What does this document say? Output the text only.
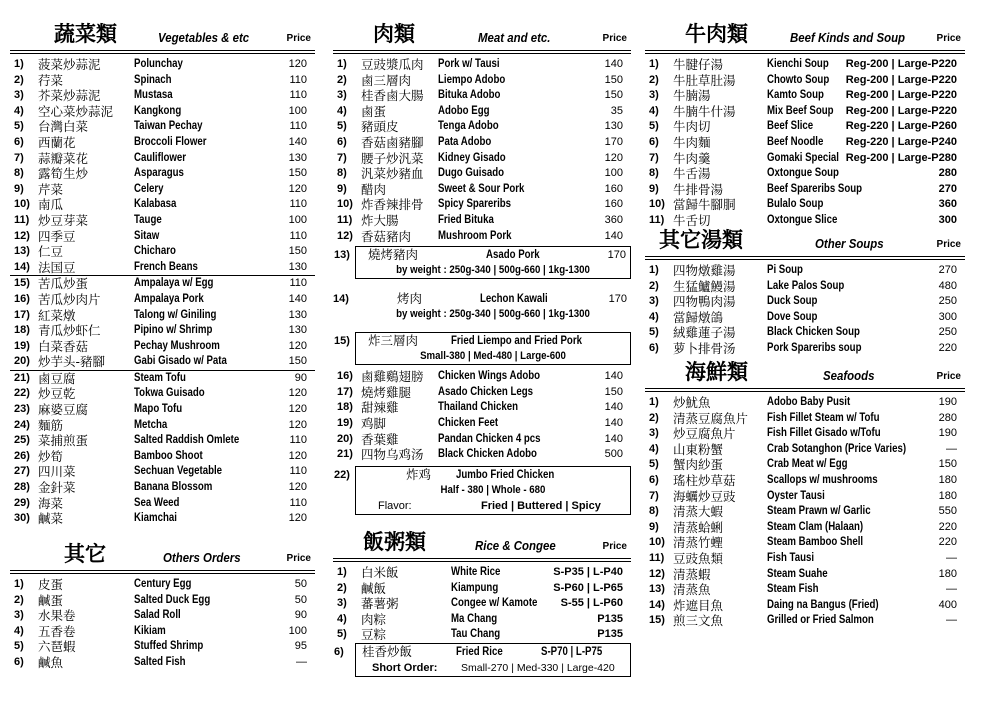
蔬菜類	Vegetables & etc	Price
1) 菠菜炒蒜泥	Polunchay	120
2) 荇菜	Spinach	110
3) 芥菜炒蒜泥	Mustasa	110
4) 空心菜炒蒜泥 Kangkong	100
5) 台灣白菜	Taiwan Pechay	110
6) 西蘭花	Broccoli Flower	140
7) 蒜瓣菜花	Cauliflower	130
8) 露筍生炒	Asparagus	150
9) 芹菜	Celery	120
10) 南瓜	Kalabasa	110
11) 炒豆芽菜	Tauge	100
12) 四季豆	Sitaw	110
13) 仁豆	Chicharo	150
14) 法国豆	French Beans	130
15) 苦瓜炒蛋	Ampalaya w/ Egg	110
16) 苦瓜炒肉片	Ampalaya Pork	140
17) 紅菜燉	Talong w/ Giniling	130
18) 青瓜炒虾仁	Pipino w/ Shrimp	130
19) 白菜香菇	Pechay Mushroom	120
20) 炒芋头-豬腳	Gabi Gisado w/ Pata	150
21) 鹵豆腐	Steam Tofu	90
22) 炒豆乾	Tokwa Guisado	120
23) 麻婆豆腐	Mapo Tofu	120
24) 麵筋	Metcha	120
25) 菜捕煎蛋	Salted Raddish Omlete	110
26) 炒筍	Bamboo Shoot	120
27) 四川菜	Sechuan Vegetable	110
28) 金針菜	Banana Blossom	120
29) 海菜	Sea Weed	110
30) 鹹菜	Kiamchai	120
其它	Others Orders	Price
1) 皮蛋	Century Egg	50
2) 鹹蛋	Salted Duck Egg	50
3) 水果卷	Salad Roll	90
4) 五香卷	Kikiam	100
5) 六琶蝦	Stuffed Shrimp	95
6) 鹹魚	Salted Fish	—
肉類	Meat and etc.	Price
1) 豆豉漿瓜肉 Pork w/ Tausi	140
2) 鹵三層肉 Liempo Adobo	150
3) 桂香鹵大腸 Bituka Adobo	150
4) 鹵蛋	Adobo Egg	35
5) 豬頭皮	Tenga Adobo	130
6) 香菇鹵豬腳 Pata Adobo	170
7) 腰子炒汎菜 Kidney Gisado	120
8) 汎菜炒豬血 Dugo Guisado	100
9) 醋肉	Sweet & Sour Pork	160
10) 炸香辣排骨 Spicy Spareribs	160
11) 炸大腸	Fried Bituka	360
12) 香菇豬肉 Mushroom Pork	140
13) 燒烤豬肉	Asado Pork	170
by weight : 250g-340 | 500g-660 | 1kg-1300
14)	烤肉	Lechon Kawali	170
by weight : 250g-340 | 500g-660 | 1kg-1300
15) 炸三層肉	Fried Liempo and Fried Pork
Small-380 | Med-480 | Large-600
16) 鹵雞鷄翅膀 Chicken Wings Adobo	140
17) 燒烤雞腿 Asado Chicken Legs	150
18) 甜辣雞	Thailand Chicken	140
19) 鸡脚	Chicken Feet	140
20) 香葉雞	Pandan Chicken 4 pcs	140
21) 四物乌鸡汤 Black Chicken Adobo	500
22)	炸鸡 Jumbo Fried Chicken
Half - 380 | Whole - 680
Flavor:	Fried | Buttered | Spicy
飯粥類	Rice & Congee	Price
1) 白米飯	White Rice	S-P35 | L-P40
2) 鹹飯	Kiampung	S-P60 | L-P65
3) 蕃薯粥	Congee w/ Kamote S-55 | L-P60
4) 肉粽	Ma Chang	P135
5) 豆粽	Tau Chang	P135
6) 桂香炒飯	Fried Rice	S-P70 | L-P75
Short Order: Small-270 | Med-330 | Large-420
牛肉類	Beef Kinds and Soup	Price
1) 牛腱仔湯	Kienchi Soup Reg-200 | Large-P220
2) 牛肚草肚湯	Chowto Soup Reg-200 | Large-P220
3) 牛腩湯	Kamto Soup Reg-200 | Large-P220
4) 牛腩牛什湯	Mix Beef Soup Reg-200 | Large-P220
5) 牛肉切	Beef Slice	Reg-220 | Large-P260
6) 牛肉麵	Beef Noodle Reg-220 | Large-P240
7) 牛肉羹	Gomaki Special Reg-200 | Large-P280
8) 牛舌湯	Oxtongue Soup	280
9) 牛排骨湯	Beef Spareribs Soup	270
10) 當歸牛腳胴	Bulalo Soup	360
11) 牛舌切	Oxtongue Slice	300
其它湯類	Other Soups	Price
1) 四物燉雞湯	Pi Soup	270
2) 生猛鱸鰻湯	Lake Palos Soup	480
3) 四物鴨肉湯	Duck Soup	250
4) 當歸燉鴿	Dove Soup	300
5) 絨雞蓮子湯	Black Chicken Soup	250
6) 萝卜排骨汤	Pork Spareribs soup	220
海鮮類	Seafoods	Price
1) 炒魷魚	Adobo Baby Pusit	190
2) 清蒸豆腐魚片 Fish Fillet Steam w/ Tofu	280
3) 炒豆腐魚片	Fish Fillet Gisado w/Tofu	190
4) 山東粉蟹	Crab Sotanghon (Price Varies)	—
5) 蟹肉紗蛋	Crab Meat w/ Egg	150
6) 瑤柱炒草菇	Scallops w/ mushrooms	180
7) 海蠣炒豆豉	Oyster Tausi	180
8) 清蒸大蝦	Steam Prawn w/ Garlic	550
9) 清蒸蛤蜊	Steam Clam (Halaan)	220
10) 清蒸竹蟶	Steam Bamboo Shell	220
11) 豆豉魚類	Fish Tausi	—
12) 清蒸蝦	Steam Suahe	180
13) 清蒸魚	Steam Fish	—
14) 炸遮目魚	Daing na Bangus (Fried)	400
15) 煎三文魚	Grilled or Fried Salmon	—
